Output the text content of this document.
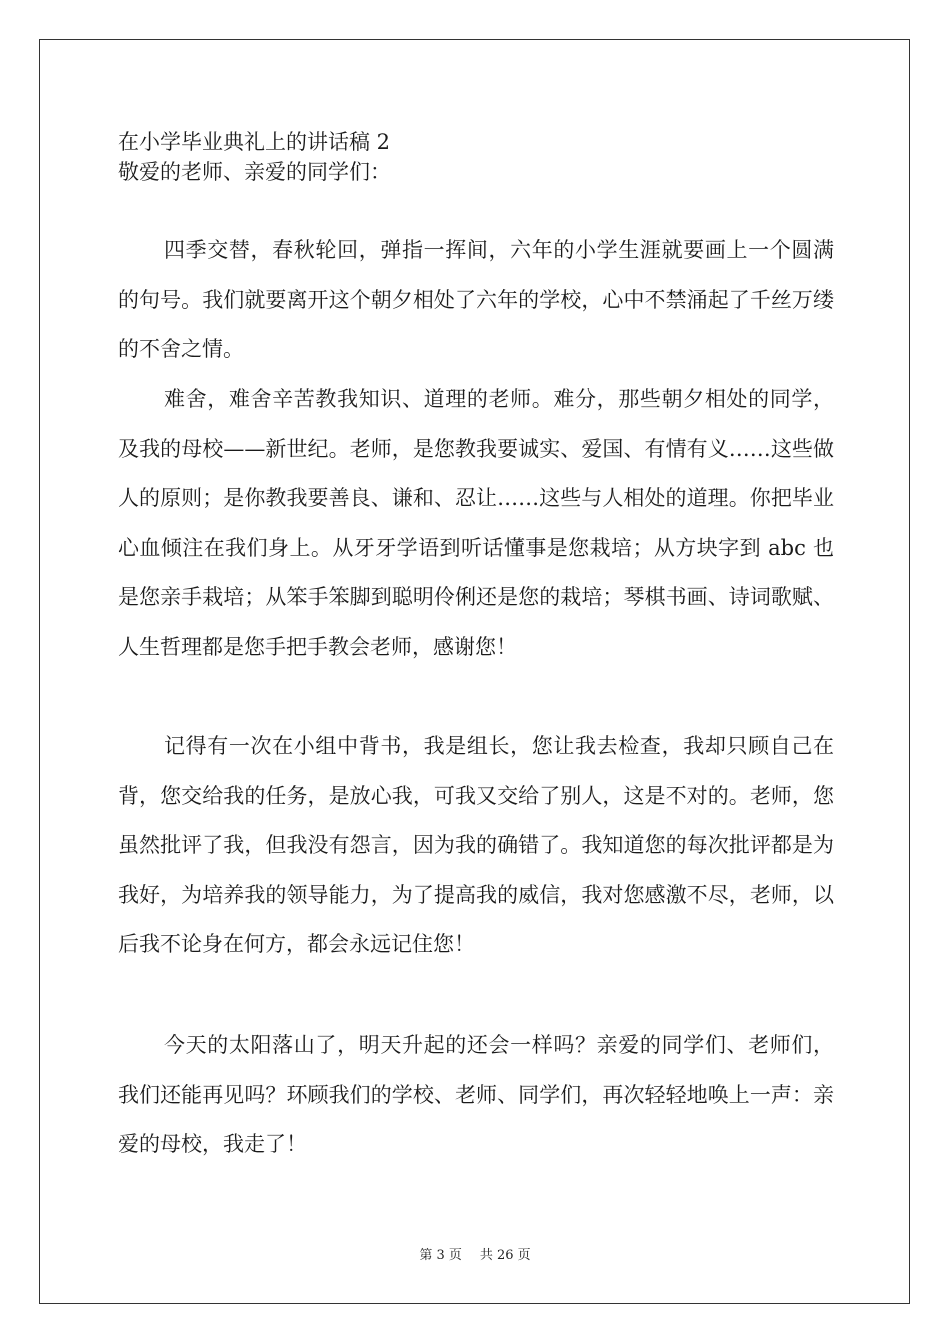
在小学毕业典礼上的讲话稿 2

敬爱的老师、亲爱的同学们：

四季交替，春秋轮回，弹指一挥间，六年的小学生涯就要画上一个圆满的句号。我们就要离开这个朝夕相处了六年的学校，心中不禁涌起了千丝万缕的不舍之情。

难舍，难舍辛苦教我知识、道理的老师。难分，那些朝夕相处的同学，及我的母校——新世纪。老师，是您教我要诚实、爱国、有情有义……这些做人的原则；是你教我要善良、谦和、忍让……这些与人相处的道理。你把毕业心血倾注在我们身上。从牙牙学语到听话懂事是您栽培；从方块字到 abc 也是您亲手栽培；从笨手笨脚到聪明伶俐还是您的栽培；琴棋书画、诗词歌赋、人生哲理都是您手把手教会老师，感谢您！

记得有一次在小组中背书，我是组长，您让我去检查，我却只顾自己在背，您交给我的任务，是放心我，可我又交给了别人，这是不对的。老师，您虽然批评了我，但我没有怨言，因为我的确错了。我知道您的每次批评都是为我好，为培养我的领导能力，为了提高我的威信，我对您感激不尽，老师，以后我不论身在何方，都会永远记住您！

今天的太阳落山了，明天升起的还会一样吗？亲爱的同学们、老师们，我们还能再见吗？环顾我们的学校、老师、同学们，再次轻轻地唤上一声：亲爱的母校，我走了！

第 3 页 共 26 页
